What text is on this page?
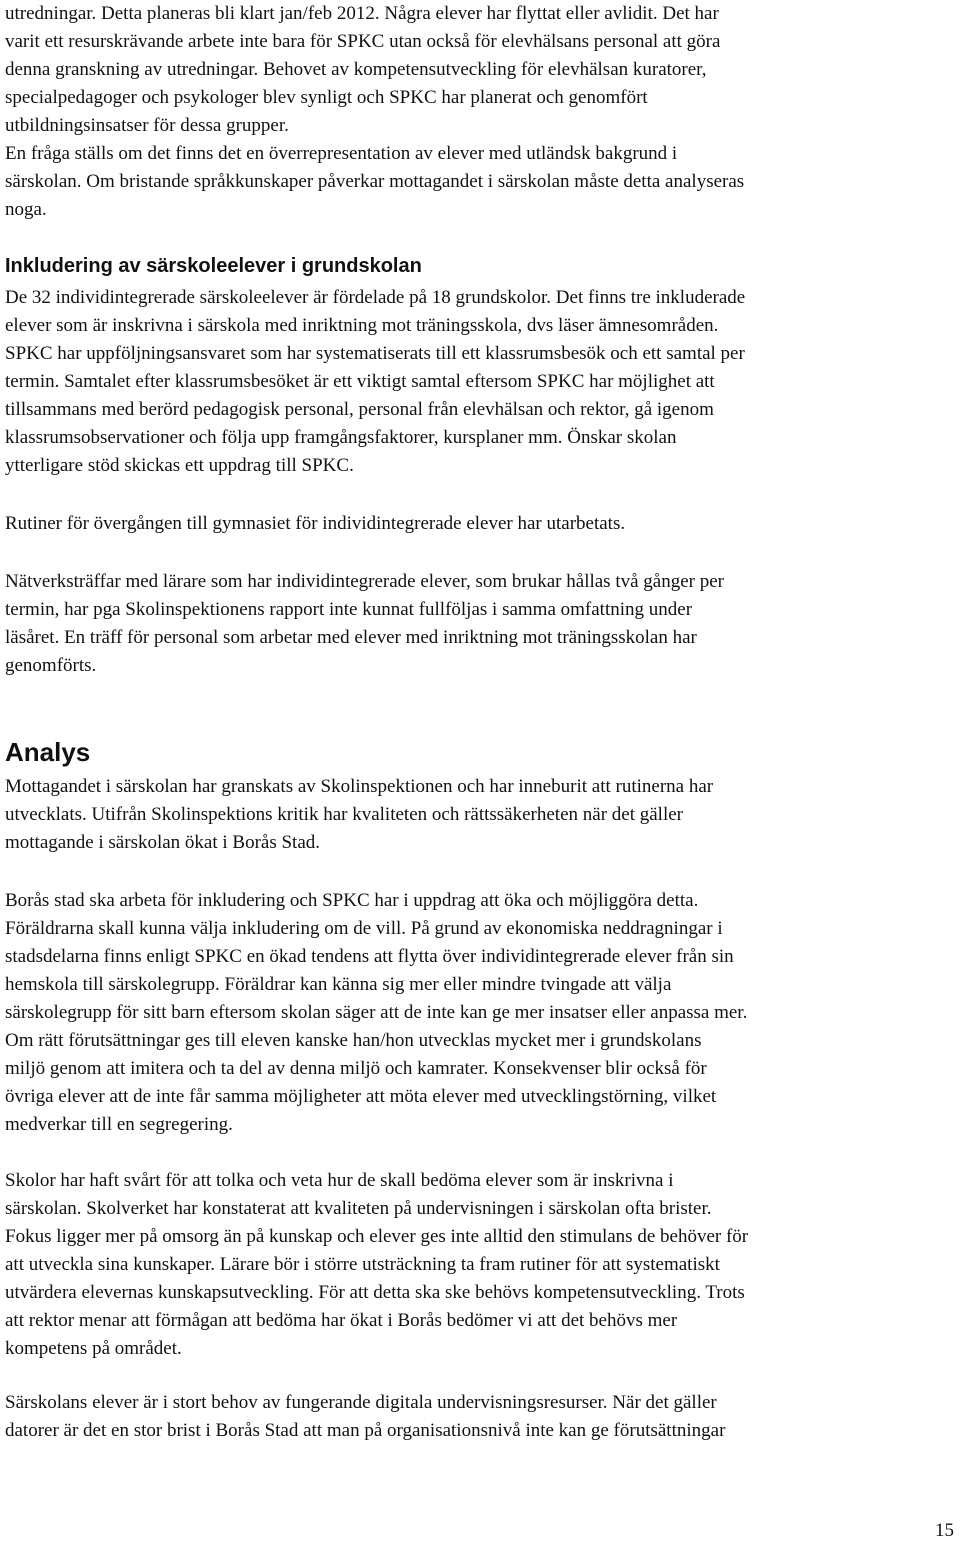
utredningar. Detta planeras bli klart jan/feb 2012. Några elever har flyttat eller avlidit. Det har
varit ett resurskrävande arbete inte bara för SPKC utan också för elevhälsans personal att göra
denna granskning av utredningar. Behovet av kompetensutveckling för elevhälsan kuratorer,
specialpedagoger och psykologer blev synligt och SPKC har planerat och genomfört
utbildningsinsatser för dessa grupper.
En fråga ställs om det finns det en överrepresentation av elever med utländsk bakgrund i
särskolan. Om bristande språkkunskaper påverkar mottagandet i särskolan måste detta analyseras
noga.
Inkludering av särskoleelever i grundskolan
De 32 individintegrerade särskoleelever är fördelade på 18 grundskolor. Det finns tre inkluderade
elever som är inskrivna i särskola med inriktning mot träningsskola, dvs läser ämnesområden.
SPKC har uppföljningsansvaret som har systematiserats till ett klassrumsbesök och ett samtal per
termin. Samtalet efter klassrumsbesöket är ett viktigt samtal eftersom SPKC har möjlighet att
tillsammans med berörd pedagogisk personal, personal från elevhälsan och rektor, gå igenom
klassrumsobservationer och följa upp framgångsfaktorer, kursplaner mm. Önskar skolan
ytterligare stöd skickas ett uppdrag till SPKC.
Rutiner för övergången till gymnasiet för individintegrerade elever har utarbetats.
Nätverksträffar med lärare som har individintegrerade elever, som brukar hållas två gånger per
termin, har pga Skolinspektionens rapport inte kunnat fullföljas i samma omfattning under
läsåret. En träff för personal som arbetar med elever med inriktning mot träningsskolan har
genomförts.
Analys
Mottagandet i särskolan har granskats av Skolinspektionen och har inneburit att rutinerna har
utvecklats. Utifrån Skolinspektions kritik har kvaliteten och rättssäkerheten när det gäller
mottagande i särskolan ökat i Borås Stad.
Borås stad ska arbeta för inkludering och SPKC har i uppdrag att öka och möjliggöra detta.
Föräldrarna skall kunna välja inkludering om de vill. På grund av ekonomiska neddragningar i
stadsdelarna finns enligt SPKC en ökad tendens att flytta över individintegrerade elever från sin
hemskola till särskolegrupp. Föräldrar kan känna sig mer eller mindre tvingade att välja
särskolegrupp för sitt barn eftersom skolan säger att de inte kan ge mer insatser eller anpassa mer.
Om rätt förutsättningar ges till eleven kanske han/hon utvecklas mycket mer i grundskolans
miljö genom att imitera och ta del av denna miljö och kamrater. Konsekvenser blir också för
övriga elever att de inte får samma möjligheter att möta elever med utvecklingstörning, vilket
medverkar till en segregering.
Skolor har haft svårt för att tolka och veta hur de skall bedöma elever som är inskrivna i
särskolan. Skolverket har konstaterat att kvaliteten på undervisningen i särskolan ofta brister.
Fokus ligger mer på omsorg än på kunskap och elever ges inte alltid den stimulans de behöver för
att utveckla sina kunskaper. Lärare bör i större utsträckning ta fram rutiner för att systematiskt
utvärdera elevernas kunskapsutveckling. För att detta ska ske behövs kompetensutveckling. Trots
att rektor menar att förmågan att bedöma har ökat i Borås bedömer vi att det behövs mer
kompetens på området.
Särskolans elever är i stort behov av fungerande digitala undervisningsresurser. När det gäller
datorer är det en stor brist i Borås Stad att man på organisationsnivå inte kan ge förutsättningar
15
